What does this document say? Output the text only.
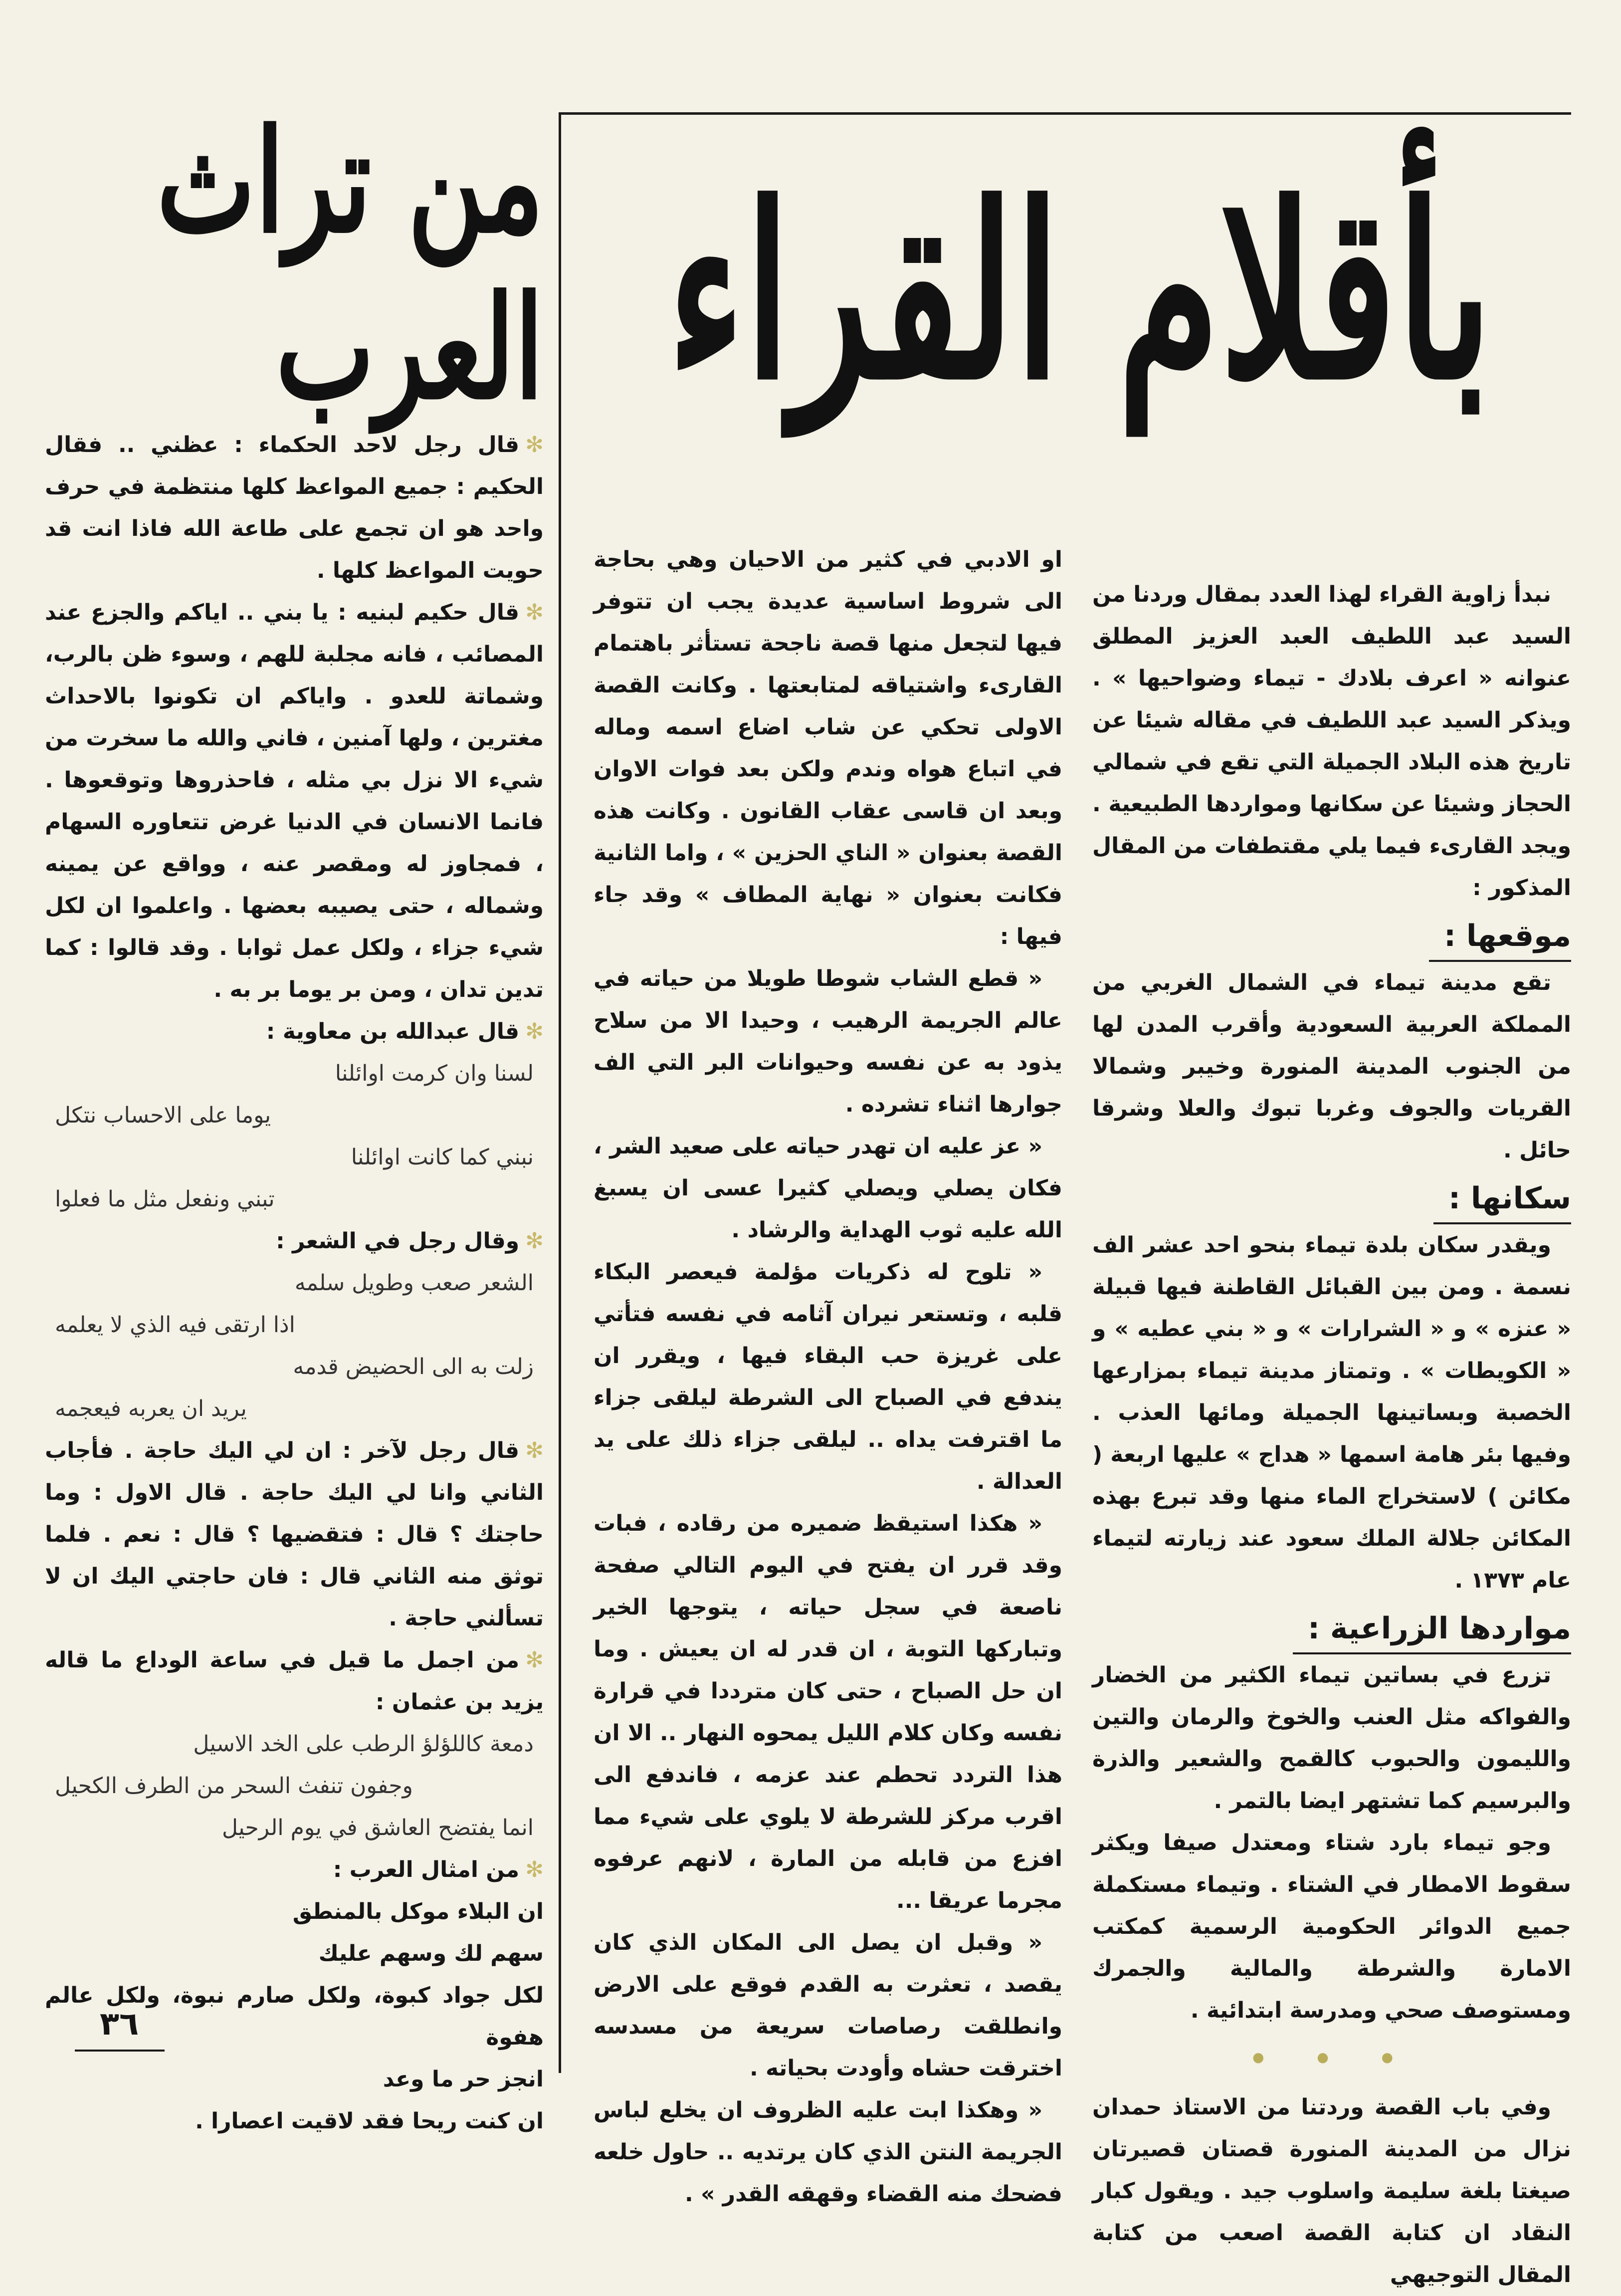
بأقلام القراء
من تراث العرب

نبدأ زاوية القراء لهذا العدد بمقال وردنا من السيد عبد اللطيف العبد العزيز المطلق عنوانه « اعرف بلادك - تيماء وضواحيها » . ويذكر السيد عبد اللطيف في مقاله شيئا عن تاريخ هذه البلاد الجميلة التي تقع في شمالي الحجاز وشيئا عن سكانها ومواردها الطبيعية . ويجد القارىء فيما يلي مقتطفات من المقال المذكور :

موقعها :

تقع مدينة تيماء في الشمال الغربي من المملكة العربية السعودية وأقرب المدن لها من الجنوب المدينة المنورة وخيبر وشمالا القريات والجوف وغربا تبوك والعلا وشرقا حائل .

سكانها :

ويقدر سكان بلدة تيماء بنحو احد عشر الف نسمة . ومن بين القبائل القاطنة فيها قبيلة « عنزه » و « الشرارات » و « بني عطيه » و « الكويطات » . وتمتاز مدينة تيماء بمزارعها الخصبة وبساتينها الجميلة ومائها العذب . وفيها بئر هامة اسمها « هداج » عليها اربعة ( مكائن ) لاستخراج الماء منها وقد تبرع بهذه المكائن جلالة الملك سعود عند زيارته لتيماء عام ١٣٧٣ .

مواردها الزراعية :

تزرع في بساتين تيماء الكثير من الخضار والفواكه مثل العنب والخوخ والرمان والتين والليمون والحبوب كالقمح والشعير والذرة والبرسيم كما تشتهر ايضا بالتمر .

وجو تيماء بارد شتاء ومعتدل صيفا ويكثر سقوط الامطار في الشتاء . وتيماء مستكملة جميع الدوائر الحكومية الرسمية كمكتب الامارة والشرطة والمالية والجمرك ومستوصف صحي ومدرسة ابتدائية .

• • •

وفي باب القصة وردتنا من الاستاذ حمدان نزال من المدينة المنورة قصتان قصيرتان صيغتا بلغة سليمة واسلوب جيد . ويقول كبار النقاد ان كتابة القصة اصعب من كتابة المقال التوجيهي

او الادبي في كثير من الاحيان وهي بحاجة الى شروط اساسية عديدة يجب ان تتوفر فيها لتجعل منها قصة ناجحة تستأثر باهتمام القارىء واشتياقه لمتابعتها . وكانت القصة الاولى تحكي عن شاب اضاع اسمه وماله في اتباع هواه وندم ولكن بعد فوات الاوان وبعد ان قاسى عقاب القانون . وكانت هذه القصة بعنوان « الناي الحزين » ، واما الثانية فكانت بعنوان « نهاية المطاف » وقد جاء فيها :

« قطع الشاب شوطا طويلا من حياته في عالم الجريمة الرهيب ، وحيدا الا من سلاح يذود به عن نفسه وحيوانات البر التي الف جوارها اثناء تشرده .

« عز عليه ان تهدر حياته على صعيد الشر ، فكان يصلي ويصلي كثيرا عسى ان يسبغ الله عليه ثوب الهداية والرشاد .

« تلوح له ذكريات مؤلمة فيعصر البكاء قلبه ، وتستعر نيران آثامه في نفسه فتأتي على غريزة حب البقاء فيها ، ويقرر ان يندفع في الصباح الى الشرطة ليلقى جزاء ما اقترفت يداه .. ليلقى جزاء ذلك على يد العدالة .

« هكذا استيقظ ضميره من رقاده ، فبات وقد قرر ان يفتح في اليوم التالي صفحة ناصعة في سجل حياته ، يتوجها الخير وتباركها التوبة ، ان قدر له ان يعيش . وما ان حل الصباح ، حتى كان مترددا في قرارة نفسه وكان كلام الليل يمحوه النهار .. الا ان هذا التردد تحطم عند عزمه ، فاندفع الى اقرب مركز للشرطة لا يلوي على شيء مما افزع من قابله من المارة ، لانهم عرفوه مجرما عريقا ...

« وقبل ان يصل الى المكان الذي كان يقصد ، تعثرت به القدم فوقع على الارض وانطلقت رصاصات سريعة من مسدسه اخترقت حشاه وأودت بحياته .

« وهكذا ابت عليه الظروف ان يخلع لباس الجريمة النتن الذي كان يرتديه .. حاول خلعه فضحك منه القضاء وقهقه القدر » .

✻قال رجل لاحد الحكماء : عظني .. فقال الحكيم : جميع المواعظ كلها منتظمة في حرف واحد هو ان تجمع على طاعة الله فاذا انت قد حويت المواعظ كلها .

✻قال حكيم لبنيه : يا بني .. اياكم والجزع عند المصائب ، فانه مجلبة للهم ، وسوء ظن بالرب، وشماتة للعدو . واياكم ان تكونوا بالاحداث مغترين ، ولها آمنين ، فاني والله ما سخرت من شيء الا نزل بي مثله ، فاحذروها وتوقعوها . فانما الانسان في الدنيا غرض تتعاوره السهام ، فمجاوز له ومقصر عنه ، وواقع عن يمينه وشماله ، حتى يصيبه بعضها . واعلموا ان لكل شيء جزاء ، ولكل عمل ثوابا . وقد قالوا : كما تدين تدان ، ومن بر يوما بر به .

✻قال عبدالله بن معاوية :

لسنا وان كرمت اوائلنا

يوما على الاحساب نتكل

نبني كما كانت اوائلنا

تبني ونفعل مثل ما فعلوا

✻وقال رجل في الشعر :

الشعر صعب وطويل سلمه

اذا ارتقى فيه الذي لا يعلمه

زلت به الى الحضيض قدمه

يريد ان يعربه فيعجمه

✻قال رجل لآخر : ان لي اليك حاجة . فأجاب الثاني وانا لي اليك حاجة . قال الاول : وما حاجتك ؟ قال : فتقضيها ؟ قال : نعم . فلما توثق منه الثاني قال : فان حاجتي اليك ان لا تسألني حاجة .

✻من اجمل ما قيل في ساعة الوداع ما قاله يزيد بن عثمان :

دمعة كاللؤلؤ الرطب على الخد الاسيل

وجفون تنفث السحر من الطرف الكحيل

انما يفتضح العاشق في يوم الرحيل

✻من امثال العرب :

ان البلاء موكل بالمنطق

سهم لك وسهم عليك

لكل جواد كبوة، ولكل صارم نبوة، ولكل عالم هفوة

انجز حر ما وعد

ان كنت ريحا فقد لاقيت اعصارا .

٣٦
